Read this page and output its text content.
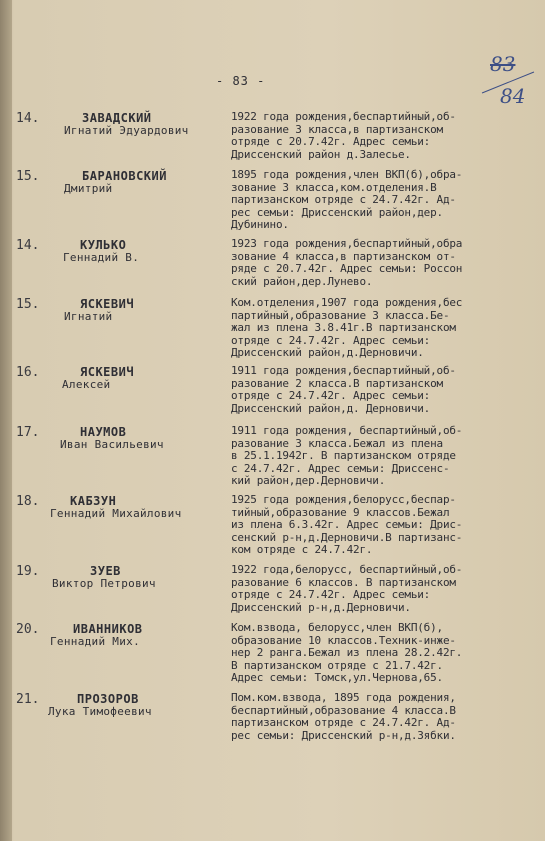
- 83 -
83
84
14.	ЗАВАДСКИЙ
Игнатий Эдуардович
1922 года рождения,беспартийный,об-
разование 3 класса,в партизанском
отряде с 20.7.42г. Адрес семьи:
Дриссенский район д.Залесье.
15.	БАРАНОВСКИЙ
Дмитрий
1895 года рождения,член ВКП(б),обра-
зование 3 класса,ком.отделения.В
партизанском отряде с 24.7.42г. Ад-
рес семьи: Дриссенский район,дер.
Дубинино.
14.	КУЛЬКО
Геннадий В.
1923 года рождения,беспартийный,обра
зование 4 класса,в партизанском от-
ряде с 20.7.42г. Адрес семьи: Россон
ский район,дер.Лунево.
15.	ЯСКЕВИЧ
Игнатий
Ком.отделения,1907 года рождения,бес
партийный,образование 3 класса.Бе-
жал из плена 3.8.41г.В партизанском
отряде с 24.7.42г. Адрес семьи:
Дриссенский район,д.Дерновичи.
16.	ЯСКЕВИЧ
Алексей
1911 года рождения,беспартийный,об-
разование 2 класса.В партизанском
отряде с 24.7.42г. Адрес семьи:
Дриссенский район,д. Дерновичи.
17.	НАУМОВ
Иван Васильевич
1911 года рождения, беспартийный,об-
разование 3 класса.Бежал из плена
в 25.1.1942г. В партизанском отряде
с 24.7.42г. Адрес семьи: Дриссенс-
кий район,дер.Дерновичи.
18.	КАБЗУН
Геннадий Михайлович
1925 года рождения,белорусс,беспар-
тийный,образование 9 классов.Бежал
из плена 6.3.42г. Адрес семьи: Дрис-
сенский р-н,д.Дерновичи.В партизанс-
ком отряде с 24.7.42г.
19.	ЗУЕВ
Виктор Петрович
1922 года,белорусс, беспартийный,об-
разование 6 классов. В партизанском
отряде с 24.7.42г. Адрес семьи:
Дриссенский р-н,д.Дерновичи.
20.	ИВАННИКОВ
Геннадий Мих.
Ком.взвода, белорусс,член ВКП(б),
образование 10 классов.Техник-инже-
нер 2 ранга.Бежал из плена 28.2.42г.
В партизанском отряде с 21.7.42г.
Адрес семьи: Томск,ул.Чернова,65.
21.	ПРОЗОРОВ
Лука Тимофеевич
Пом.ком.взвода, 1895 года рождения,
беспартийный,образование 4 класса.В
партизанском отряде с 24.7.42г. Ад-
рес семьи: Дриссенский р-н,д.Зябки.
